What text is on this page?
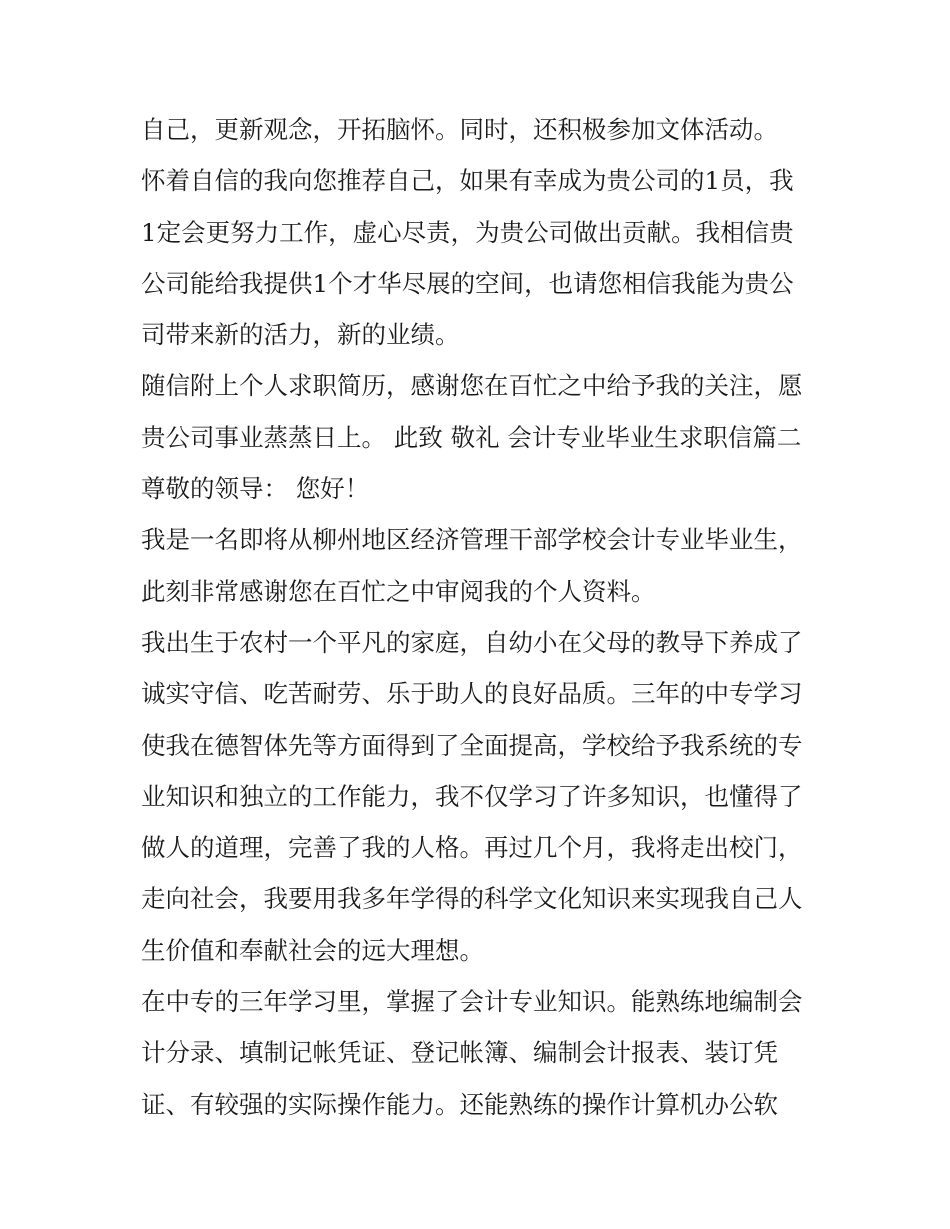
自己，更新观念，开拓脑怀。同时，还积极参加文体活动。

怀着自信的我向您推荐自己，如果有幸成为贵公司的1员，我

1定会更努力工作，虚心尽责，为贵公司做出贡献。我相信贵

公司能给我提供1个才华尽展的空间，也请您相信我能为贵公

司带来新的活力，新的业绩。

随信附上个人求职简历，感谢您在百忙之中给予我的关注，愿

贵公司事业蒸蒸日上。 此致 敬礼 会计专业毕业生求职信篇二

尊敬的领导： 您好！

我是一名即将从柳州地区经济管理干部学校会计专业毕业生，

此刻非常感谢您在百忙之中审阅我的个人资料。

我出生于农村一个平凡的家庭，自幼小在父母的教导下养成了

诚实守信、吃苦耐劳、乐于助人的良好品质。三年的中专学习

使我在德智体先等方面得到了全面提高，学校给予我系统的专

业知识和独立的工作能力，我不仅学习了许多知识，也懂得了

做人的道理，完善了我的人格。再过几个月，我将走出校门，

走向社会，我要用我多年学得的科学文化知识来实现我自己人

生价值和奉献社会的远大理想。

在中专的三年学习里，掌握了会计专业知识。能熟练地编制会

计分录、填制记帐凭证、登记帐簿、编制会计报表、装订凭

证、有较强的实际操作能力。还能熟练的操作计算机办公软
